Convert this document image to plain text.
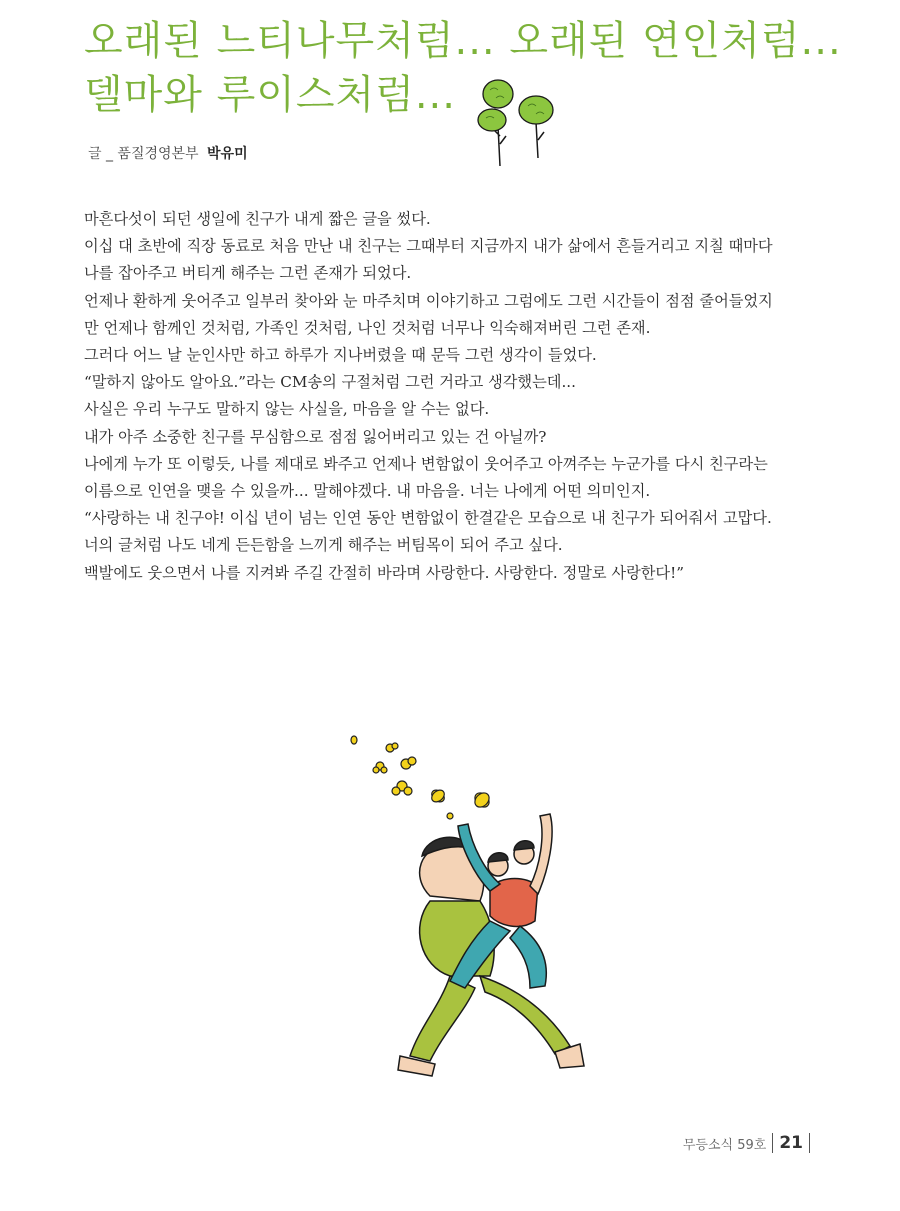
오래된 느티나무처럼... 오래된 연인처럼...
델마와 루이스처럼...
글 _ 품질경영본부 박유미

마흔다섯이 되던 생일에 친구가 내게 짧은 글을 썼다.

이십 대 초반에 직장 동료로 처음 만난 내 친구는 그때부터 지금까지 내가 삶에서 흔들거리고 지칠 때마다

나를 잡아주고 버티게 해주는 그런 존재가 되었다.

언제나 환하게 웃어주고 일부러 찾아와 눈 마주치며 이야기하고 그럼에도 그런 시간들이 점점 줄어들었지

만 언제나 함께인 것처럼, 가족인 것처럼, 나인 것처럼 너무나 익숙해져버린 그런 존재.

그러다 어느 날 눈인사만 하고 하루가 지나버렸을 때 문득 그런 생각이 들었다.

“말하지 않아도 알아요.”라는 CM송의 구절처럼 그런 거라고 생각했는데...

사실은 우리 누구도 말하지 않는 사실을, 마음을 알 수는 없다.

내가 아주 소중한 친구를 무심함으로 점점 잃어버리고 있는 건 아닐까?

나에게 누가 또 이렇듯, 나를 제대로 봐주고 언제나 변함없이 웃어주고 아껴주는 누군가를 다시 친구라는

이름으로 인연을 맺을 수 있을까... 말해야겠다. 내 마음을. 너는 나에게 어떤 의미인지.

“사랑하는 내 친구야! 이십 년이 넘는 인연 동안 변함없이 한결같은 모습으로 내 친구가 되어줘서 고맙다.

너의 글처럼 나도 네게 든든함을 느끼게 해주는 버팀목이 되어 주고 싶다.

백발에도 웃으면서 나를 지켜봐 주길 간절히 바라며 사랑한다. 사랑한다. 정말로 사랑한다!”

무등소식 59호 21
